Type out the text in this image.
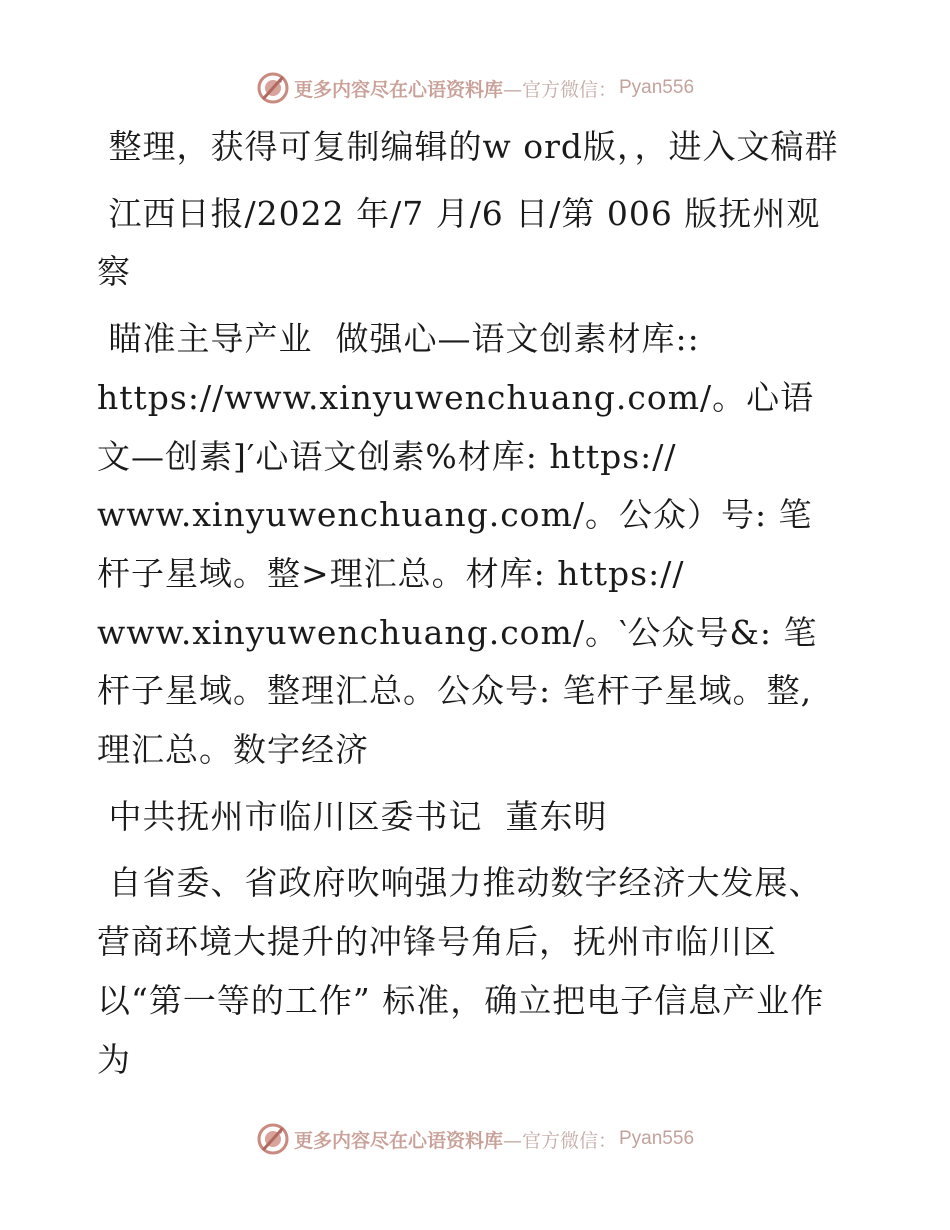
更多内容尽在心语资料库 —官方微信： Pyan556

整理，获得可复制编辑的w ord版，，进入文稿群

江西日报/2022 年/7 月/6 日/第 006 版抚州观察

瞄准主导产业  做强心—语文创素材库::

https://www.xinyuwenchuang.com/。心语文—创素]′心语文创素%材库: https://

www.xinyuwenchuang.com/。公众）号: 笔杆子星域。整>理汇总。材库: https://

www.xinyuwenchuang.com/。‵公众号&: 笔杆子星域。整理汇总。公众号: 笔杆子星域。整,理汇总。数字经济

中共抚州市临川区委书记  董东明

自省委、省政府吹响强力推动数字经济大发展、营商环境大提升的冲锋号角后，抚州市临川区以“第一等的工作” 标准，确立把电子信息产业作为

更多内容尽在心语资料库 —官方微信： Pyan556
